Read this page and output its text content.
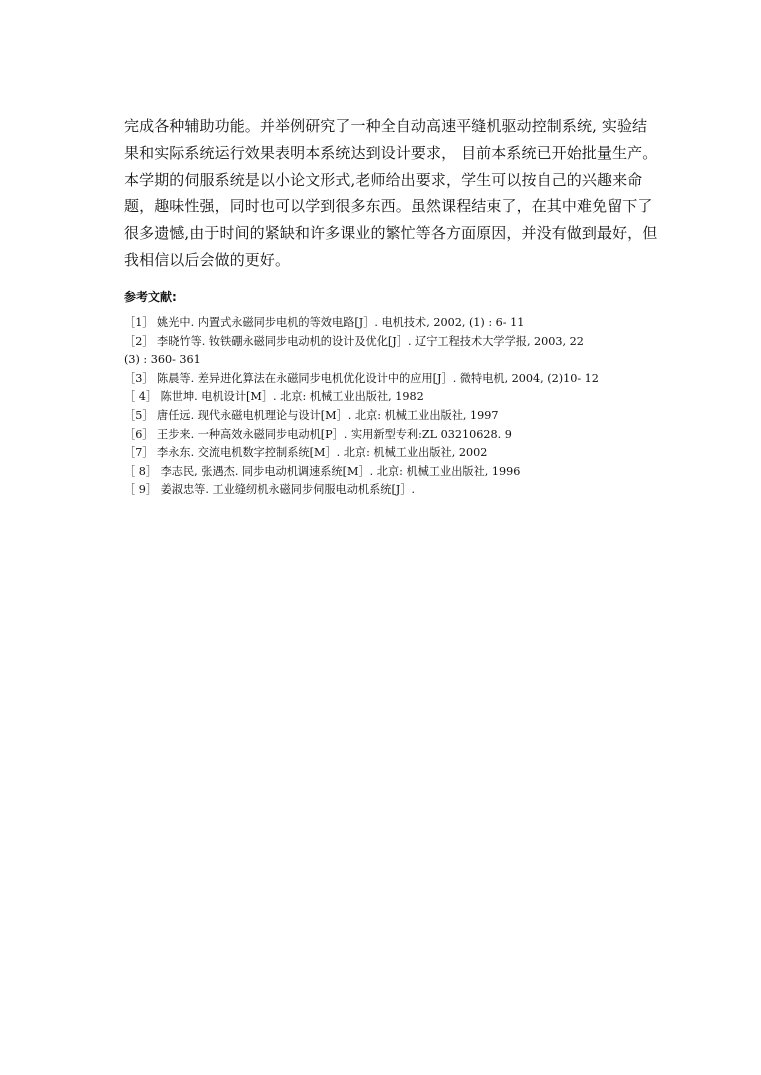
完成各种辅助功能。并举例研究了一种全自动高速平缝机驱动控制系统, 实验结
果和实际系统运行效果表明本系统达到设计要求， 目前本系统已开始批量生产。
本学期的伺服系统是以小论文形式,老师给出要求，学生可以按自己的兴趣来命
题，趣味性强，同时也可以学到很多东西。虽然课程结束了，在其中难免留下了
很多遗憾,由于时间的紧缺和许多课业的繁忙等各方面原因，并没有做到最好，但
我相信以后会做的更好。
参考文献:
［1］ 姚光中. 内置式永磁同步电机的等效电路[J］. 电机技术, 2002, (1) : 6- 11
［2］ 李晓竹等. 钕铁硼永磁同步电动机的设计及优化[J］. 辽宁工程技术大学学报, 2003, 22
(3) : 360- 361
［3］ 陈晨等. 差异进化算法在永磁同步电机优化设计中的应用[J］. 微特电机, 2004, (2)10- 12
［ 4］ 陈世坤. 电机设计[M］. 北京: 机械工业出版社, 1982
［5］ 唐任远. 现代永磁电机理论与设计[M］. 北京: 机械工业出版社, 1997
［6］ 王步来. 一种高效永磁同步电动机[P］. 实用新型专利:ZL 03210628. 9
［7］ 李永东. 交流电机数字控制系统[M］. 北京: 机械工业出版社, 2002
［ 8］ 李志民, 张遇杰. 同步电动机调速系统[M］. 北京: 机械工业出版社, 1996
［ 9］ 姜淑忠等. 工业缝纫机永磁同步伺服电动机系统[J］.
